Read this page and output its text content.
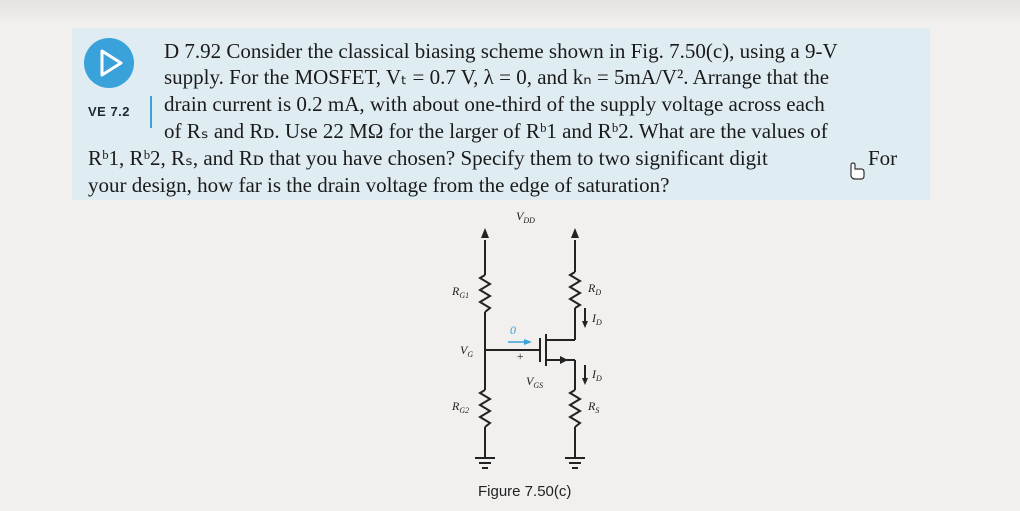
VE 7.2
D 7.92 Consider the classical biasing scheme shown in Fig. 7.50(c), using a 9-V
supply. For the MOSFET, Vₜ = 0.7 V, λ = 0, and kₙ = 5mA/V². Arrange that the
drain current is 0.2 mA, with about one-third of the supply voltage across each
of Rₛ and Rᴅ. Use 22 MΩ for the larger of Rᵇ1 and Rᵇ2. What are the values of
Rᵇ1, Rᵇ2, Rₛ, and Rᴅ that you have chosen? Specify them to two significant digit	For
your design, how far is the drain voltage from the edge of saturation?
$V_{DD}$
$R_{G1}$
$R_{G2}$
$R_D$
$R_S$
$V_G$
$V_{GS}$
$I_D$
$I_D$
0
+
Figure 7.50(c)
